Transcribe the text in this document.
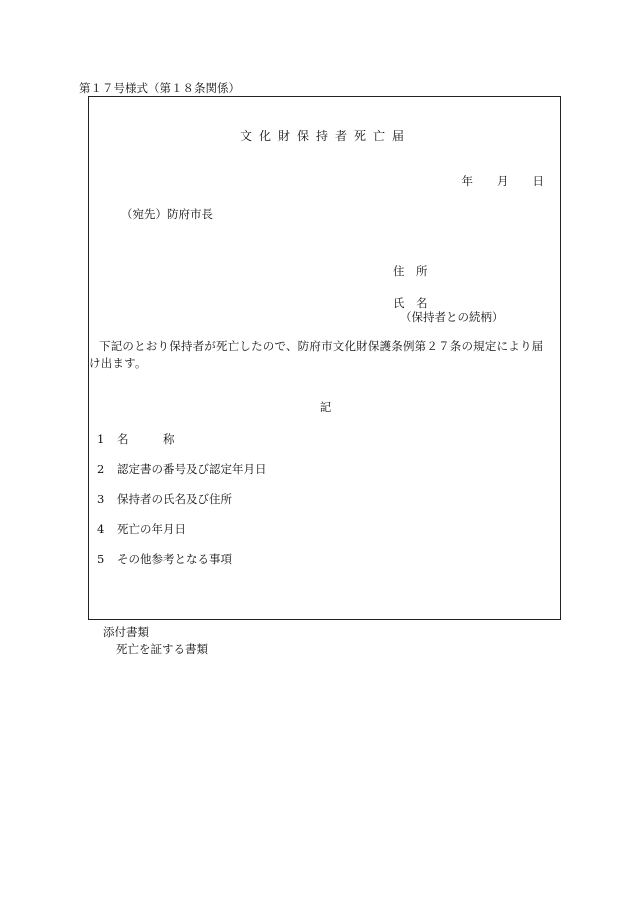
第１７号様式（第１８条関係）
文化財保持者死亡届
年 月 日
（宛先）防府市長
住　所
氏　名
（保持者との続柄）
下記のとおり保持者が死亡したので、防府市文化財保護条例第２７条の規定により届け出ます。
記
1 名　　　称
2 認定書の番号及び認定年月日
3 保持者の氏名及び住所
4 死亡の年月日
5 その他参考となる事項
添付書類
死亡を証する書類
